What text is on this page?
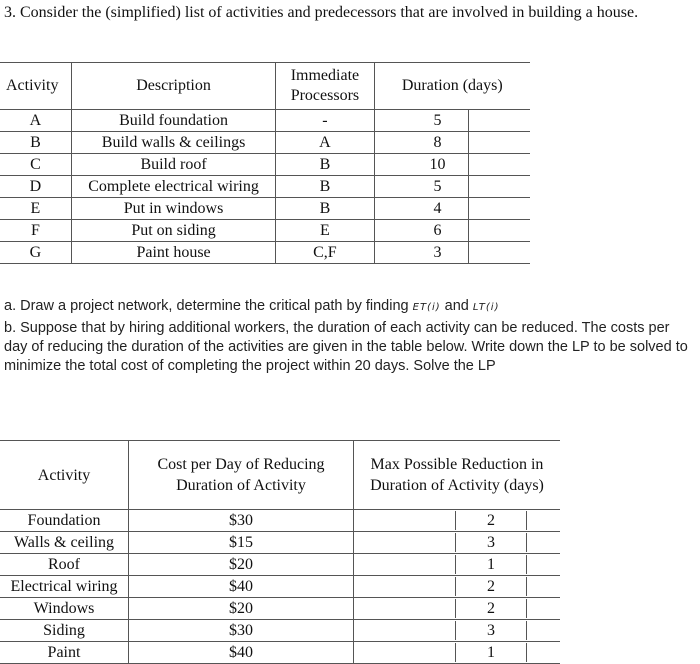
3. Consider the (simplified) list of activities and predecessors that are involved in building a house.

Activity	Description	Immediate Processors	Duration (days)	
A	Build foundation	-	5	
B	Build walls & ceilings	A	8	
C	Build roof	B	10	
D	Complete electrical wiring	B	5	
E	Put in windows	B	4	
F	Put on siding	E	6	
G	Paint house	C,F	3	

a. Draw a project network, determine the critical path by finding ET(i) and LT(i)

b. Suppose that by hiring additional workers, the duration of each activity can be reduced. The costs per day of reducing the duration of the activities are given in the table below. Write down the LP to be solved to minimize the total cost of completing the project within 20 days. Solve the LP

Activity	Cost per Day of Reducing Duration of Activity	Max Possible Reduction in Duration of Activity (days)
Foundation	$30	2
Walls & ceiling	$15	3
Roof	$20	1
Electrical wiring	$40	2
Windows	$20	2
Siding	$30	3
Paint	$40	1
